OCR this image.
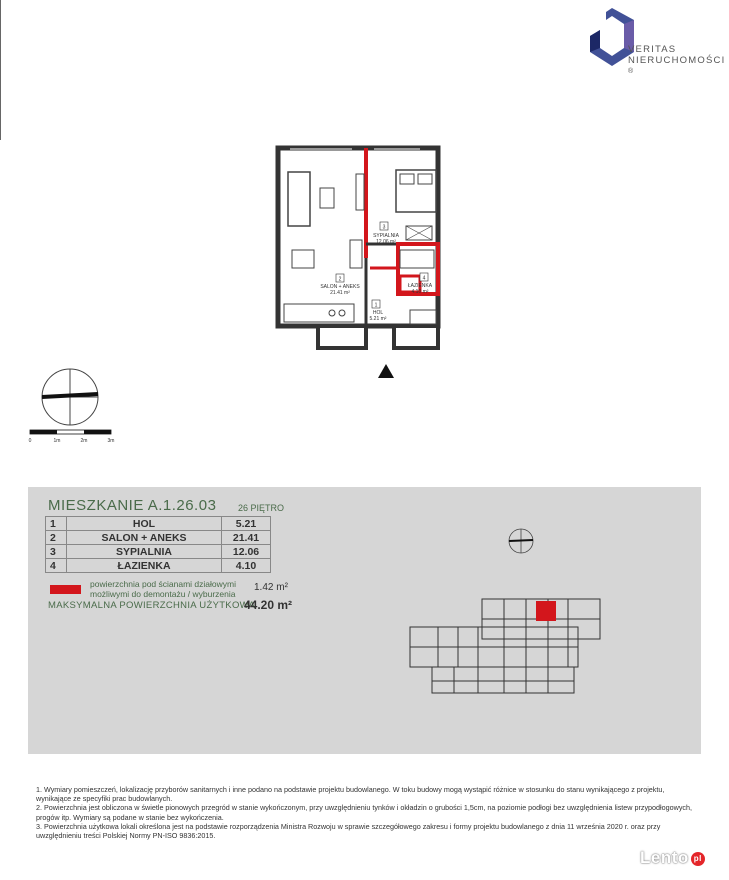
VERITAS
NIERUCHOMOŚCI ®
3
SYPIALNIA
12.06 m²
2
SALON + ANEKS
21.41 m²
4
ŁAZIENKA
4.10 m²
1
HOL
5.21 m²
0	1m	2m	3m
MIESZKANIE A.1.26.03 26 PIĘTRO
1	HOL	5.21
2	SALON + ANEKS	21.41
3	SYPIALNIA	12.06
4	ŁAZIENKA	4.10
powierzchnia pod ścianami działowymi
możliwymi do demontażu / wyburzenia
1.42 m²
MAKSYMALNA POWIERZCHNIA UŻYTKOWA
44.20 m²

1. Wymiary pomieszczeń, lokalizację przyborów sanitarnych i inne podano na podstawie projektu budowlanego. W toku budowy mogą wystąpić różnice w stosunku do stanu wynikającego z projektu, wynikające ze specyfiki prac budowlanych.

2. Powierzchnia jest obliczona w świetle pionowych przegród w stanie wykończonym, przy uwzględnieniu tynków i okładzin o grubości 1,5cm, na poziomie podłogi bez uwzględnienia listew przypodłogowych, progów itp. Wymiary są podane w stanie bez wykończenia.

3. Powierzchnia użytkowa lokali określona jest na podstawie rozporządzenia Ministra Rozwoju w sprawie szczegółowego zakresu i formy projektu budowlanego z dnia 11 września 2020 r. oraz przy uwzględnieniu treści Polskiej Normy PN-ISO 9836:2015.

Lento pl
